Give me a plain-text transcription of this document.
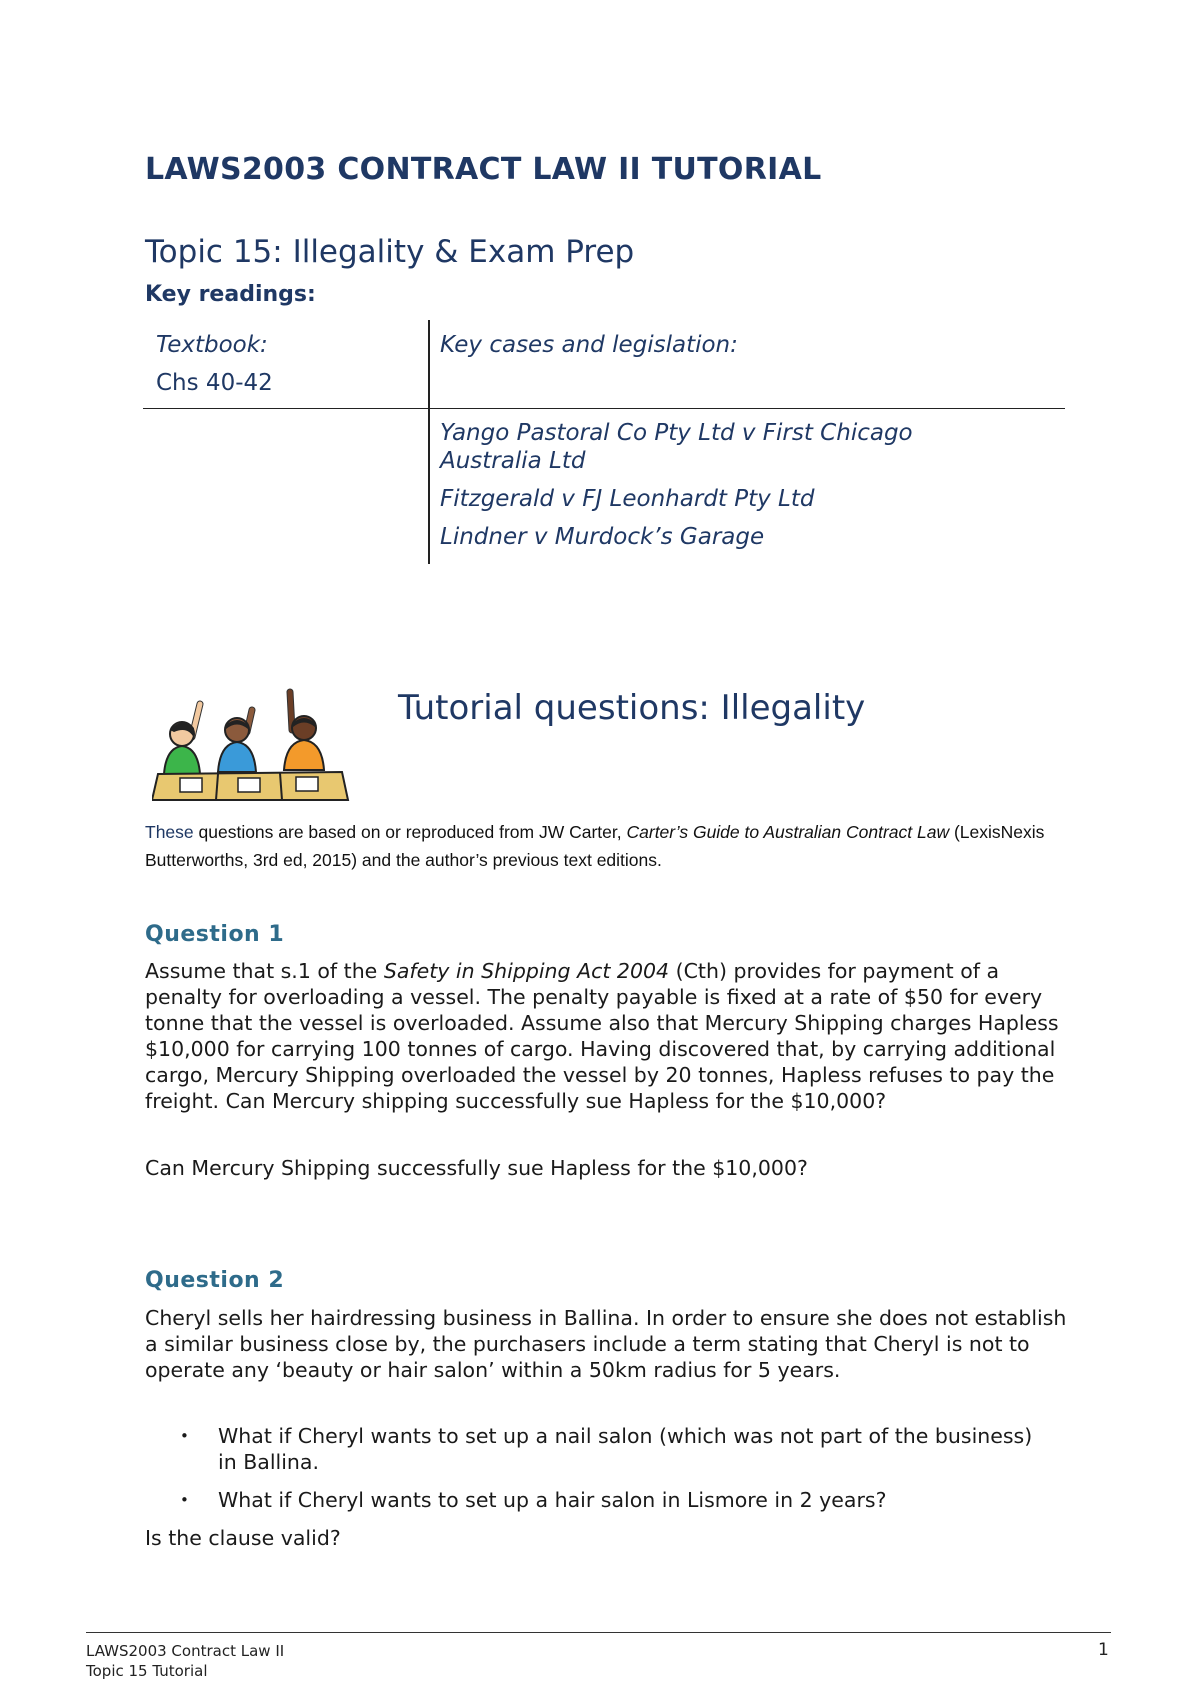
LAWS2003 CONTRACT LAW II TUTORIAL
Topic 15: Illegality & Exam Prep
Key readings:
Textbook:
Chs 40-42
Key cases and legislation:
Yango Pastoral Co Pty Ltd v First Chicago
Australia Ltd
Fitzgerald v FJ Leonhardt Pty Ltd
Lindner v Murdock’s Garage
Tutorial questions: Illegality
These questions are based on or reproduced from JW Carter, Carter’s Guide to Australian Contract Law (LexisNexis Butterworths, 3rd ed, 2015) and the author’s previous text editions.
Question 1
Assume that s.1 of the Safety in Shipping Act 2004 (Cth) provides for payment of a penalty for overloading a vessel. The penalty payable is fixed at a rate of $50 for every tonne that the vessel is overloaded. Assume also that Mercury Shipping charges Hapless $10,000 for carrying 100 tonnes of cargo. Having discovered that, by carrying additional cargo, Mercury Shipping overloaded the vessel by 20 tonnes, Hapless refuses to pay the freight. Can Mercury shipping successfully sue Hapless for the $10,000?
Can Mercury Shipping successfully sue Hapless for the $10,000?
Question 2
Cheryl sells her hairdressing business in Ballina. In order to ensure she does not establish a similar business close by, the purchasers include a term stating that Cheryl is not to operate any ‘beauty or hair salon’ within a 50km radius for 5 years.
• What if Cheryl wants to set up a nail salon (which was not part of the business) in Ballina.
• What if Cheryl wants to set up a hair salon in Lismore in 2 years?
Is the clause valid?
LAWS2003 Contract Law II
Topic 15 Tutorial
1
